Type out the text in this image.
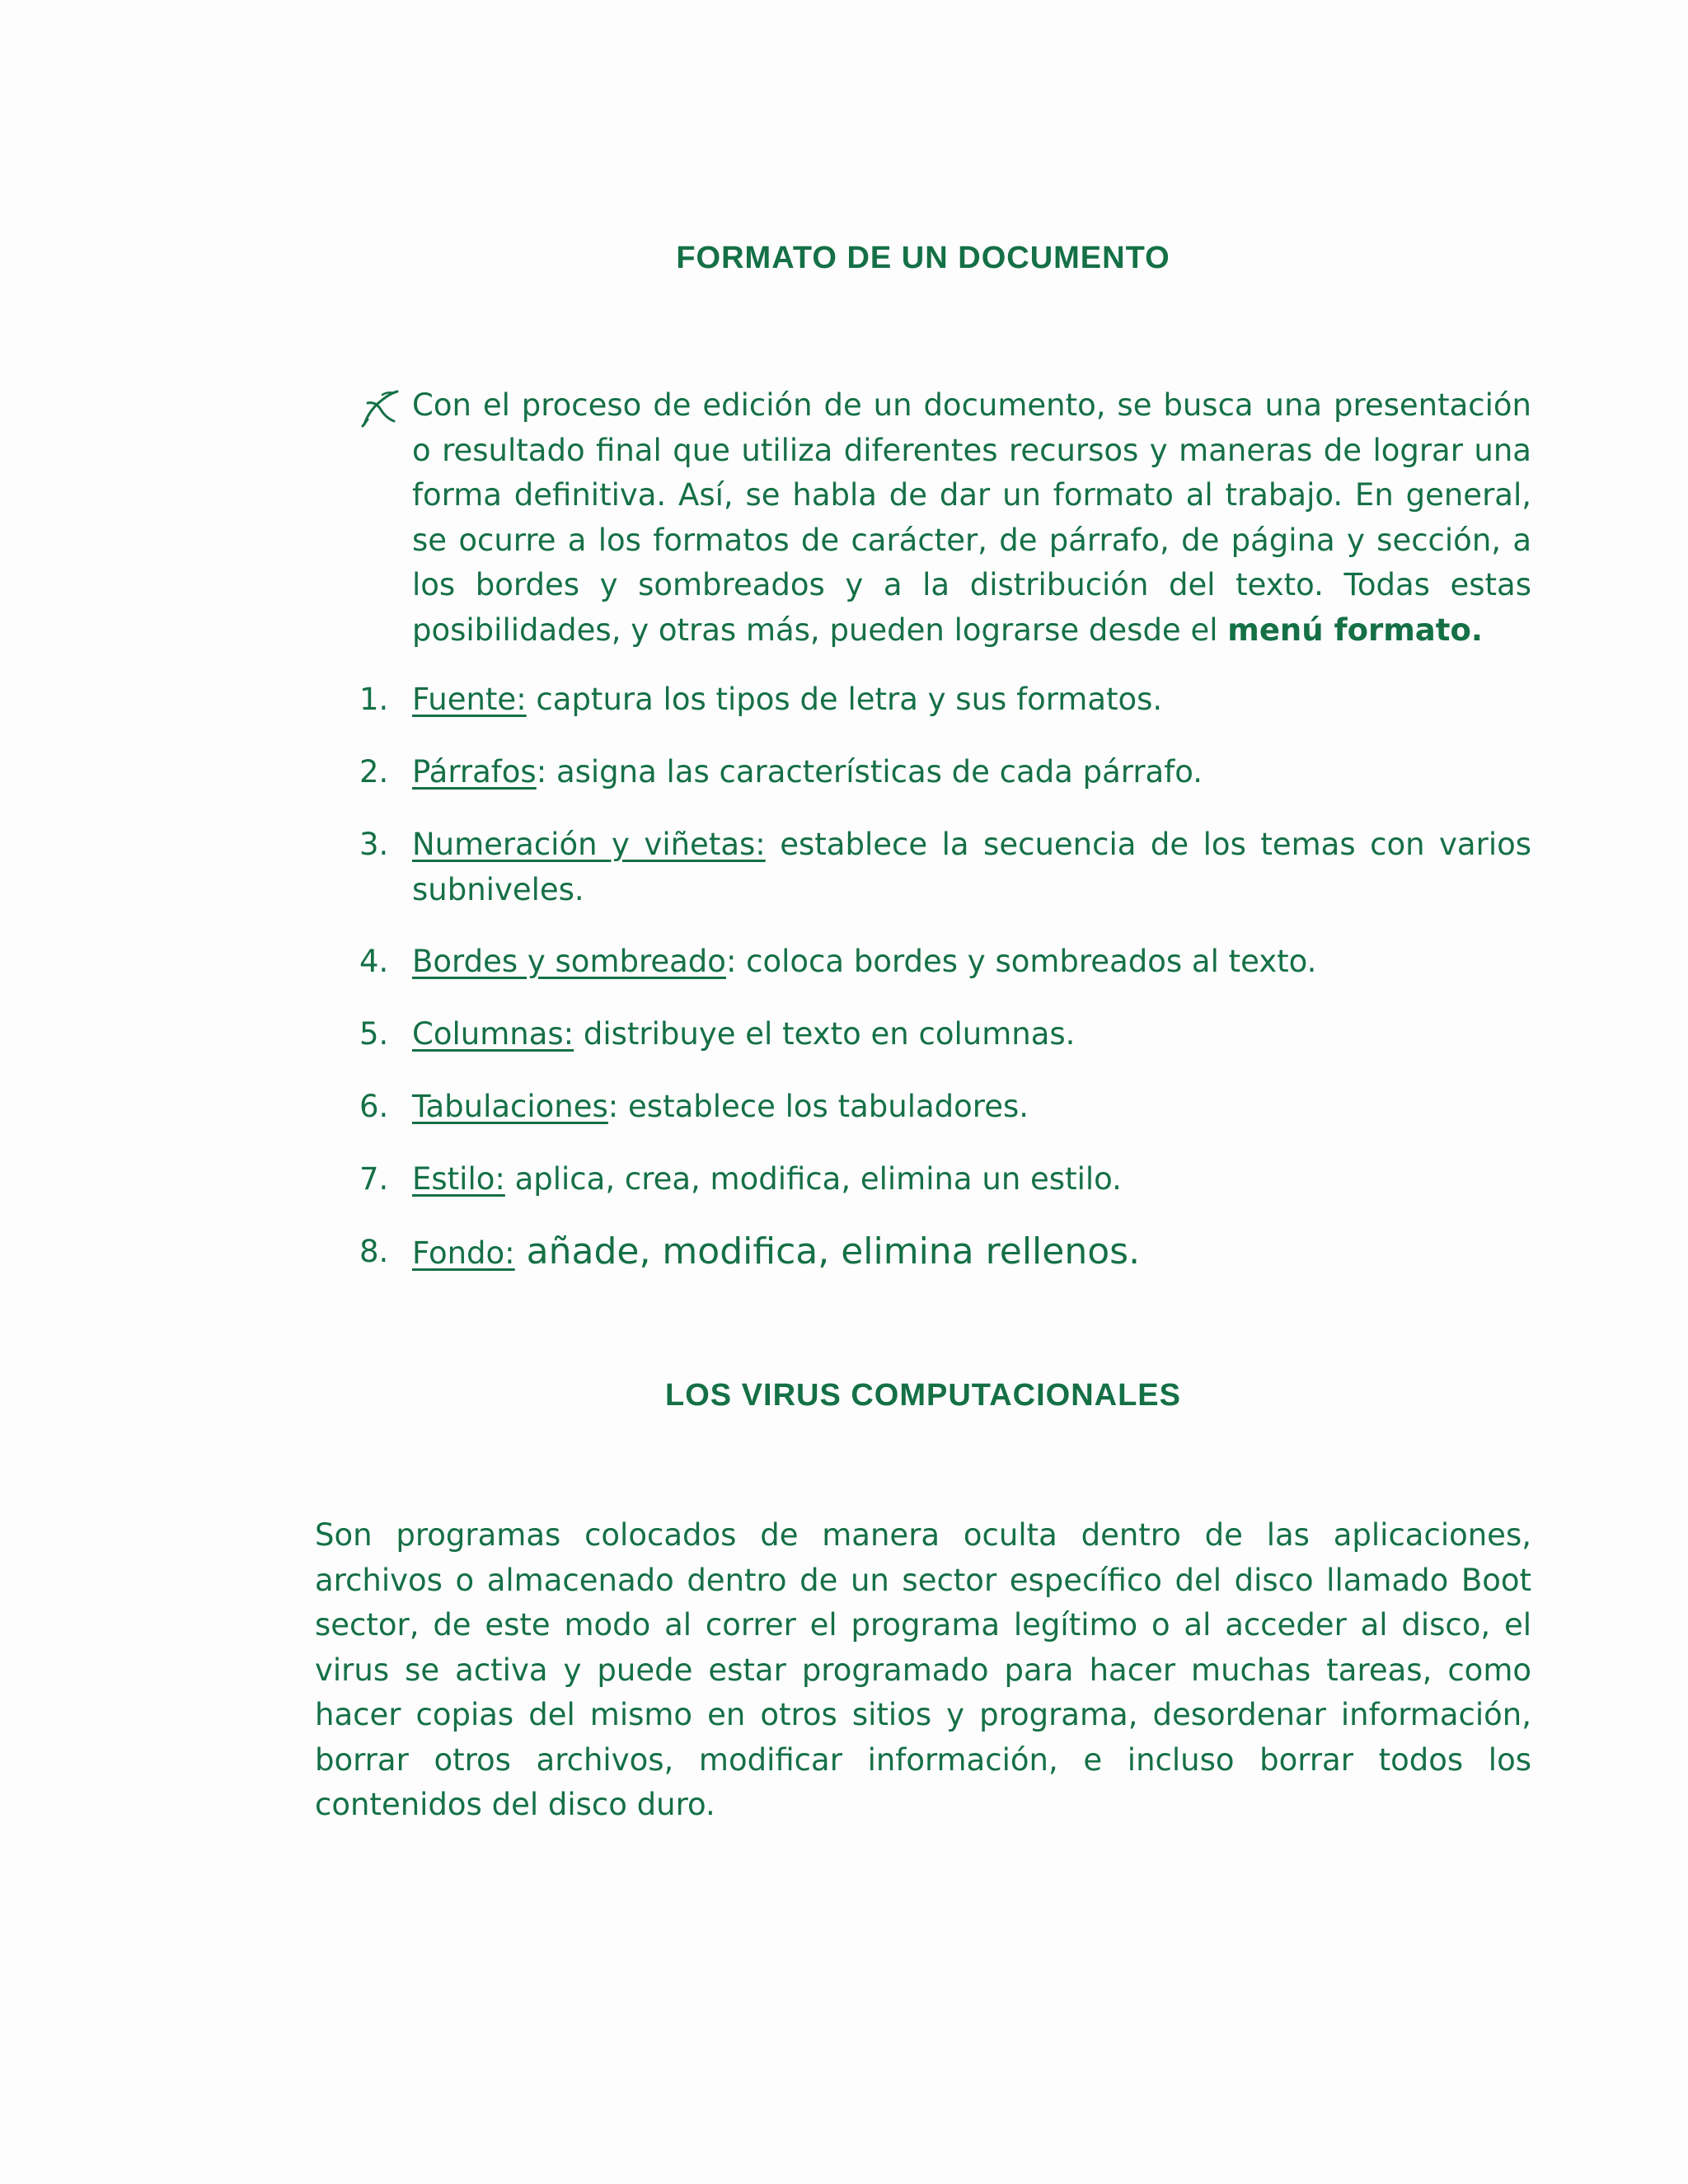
FORMATO DE UN DOCUMENTO
Con el proceso de edición de un documento, se busca una presentación o resultado final que utiliza diferentes recursos y maneras de lograr una forma definitiva. Así, se habla de dar un formato al trabajo. En general, se ocurre a los formatos de carácter, de párrafo, de página y sección, a los bordes y sombreados y a la distribución del texto. Todas estas posibilidades, y otras más, pueden lograrse desde el menú formato.
1. Fuente: captura los tipos de letra y sus formatos.
2. Párrafos: asigna las características de cada párrafo.
3. Numeración y viñetas: establece la secuencia de los temas con varios subniveles.
4. Bordes y sombreado: coloca bordes y sombreados al texto.
5. Columnas: distribuye el texto en columnas.
6. Tabulaciones: establece los tabuladores.
7. Estilo: aplica, crea, modifica, elimina un estilo.
8. Fondo: añade, modifica, elimina rellenos.
LOS VIRUS COMPUTACIONALES
Son programas colocados de manera oculta dentro de las aplicaciones, archivos o almacenado dentro de un sector específico del disco llamado Boot sector, de este modo al correr el programa legítimo o al acceder al disco, el virus se activa y puede estar programado para hacer muchas tareas, como hacer copias del mismo en otros sitios y programa, desordenar información, borrar otros archivos, modificar información, e incluso borrar todos los contenidos del disco duro.
